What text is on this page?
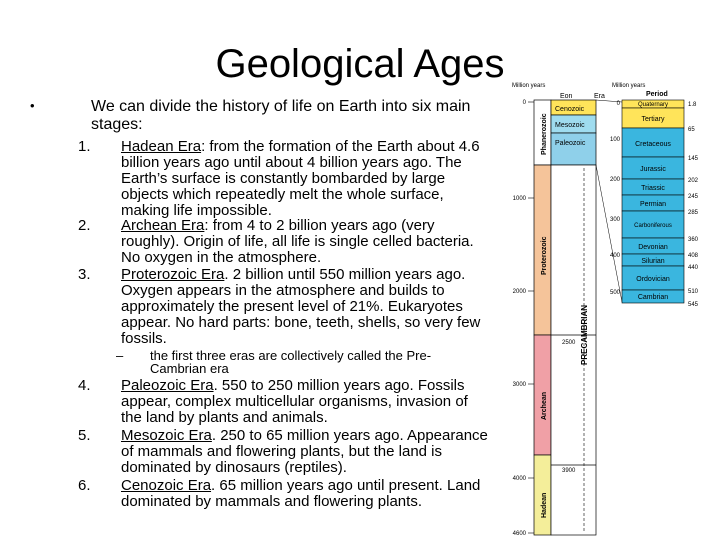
Geological Ages
•	We can divide the history of life on Earth into six main stages:
1.	Hadean Era: from the formation of the Earth about 4.6 billion years ago until about 4 billion years ago. The Earth’s surface is constantly bombarded by large objects which repeatedly melt the whole surface, making life impossible.
2.	Archean Era: from 4 to 2 billion years ago (very roughly). Origin of life, all life is single celled bacteria. No oxygen in the atmosphere.
3.	Proterozoic Era. 2 billion until 550 million years ago. Oxygen appears in the atmosphere and builds to approximately the present level of 21%. Eukaryotes appear. No hard parts: bone, teeth, shells, so very few fossils.
– the first three eras are collectively called the Pre-Cambrian era
4.	Paleozoic Era. 550 to 250 million years ago. Fossils appear, complex multicellular organisms, invasion of the land by plants and animals.
5.	Mesozoic Era. 250 to 65 million years ago. Appearance of mammals and flowering plants, but the land is dominated by dinosaurs (reptiles).
6.	Cenozoic Era. 65 million years ago until present. Land dominated by mammals and flowering plants.
Million years
Eon	Era
Million years
Period
0
1000
2000
3000
4000
4600
Phanerozoic
Proterozoic
Archean
Hadean
Cenozoic
Mesozoic
Paleozoic
2500
3900
PRECAMBRIAN
0
100
200
300
400
500
Quaternary
Tertiary
Cretaceous
Jurassic
Triassic
Permian
Carboniferous
Devonian
Silurian
Ordovician
Cambrian
1.8
65
145
202
245
285
360
408
440
510
545
